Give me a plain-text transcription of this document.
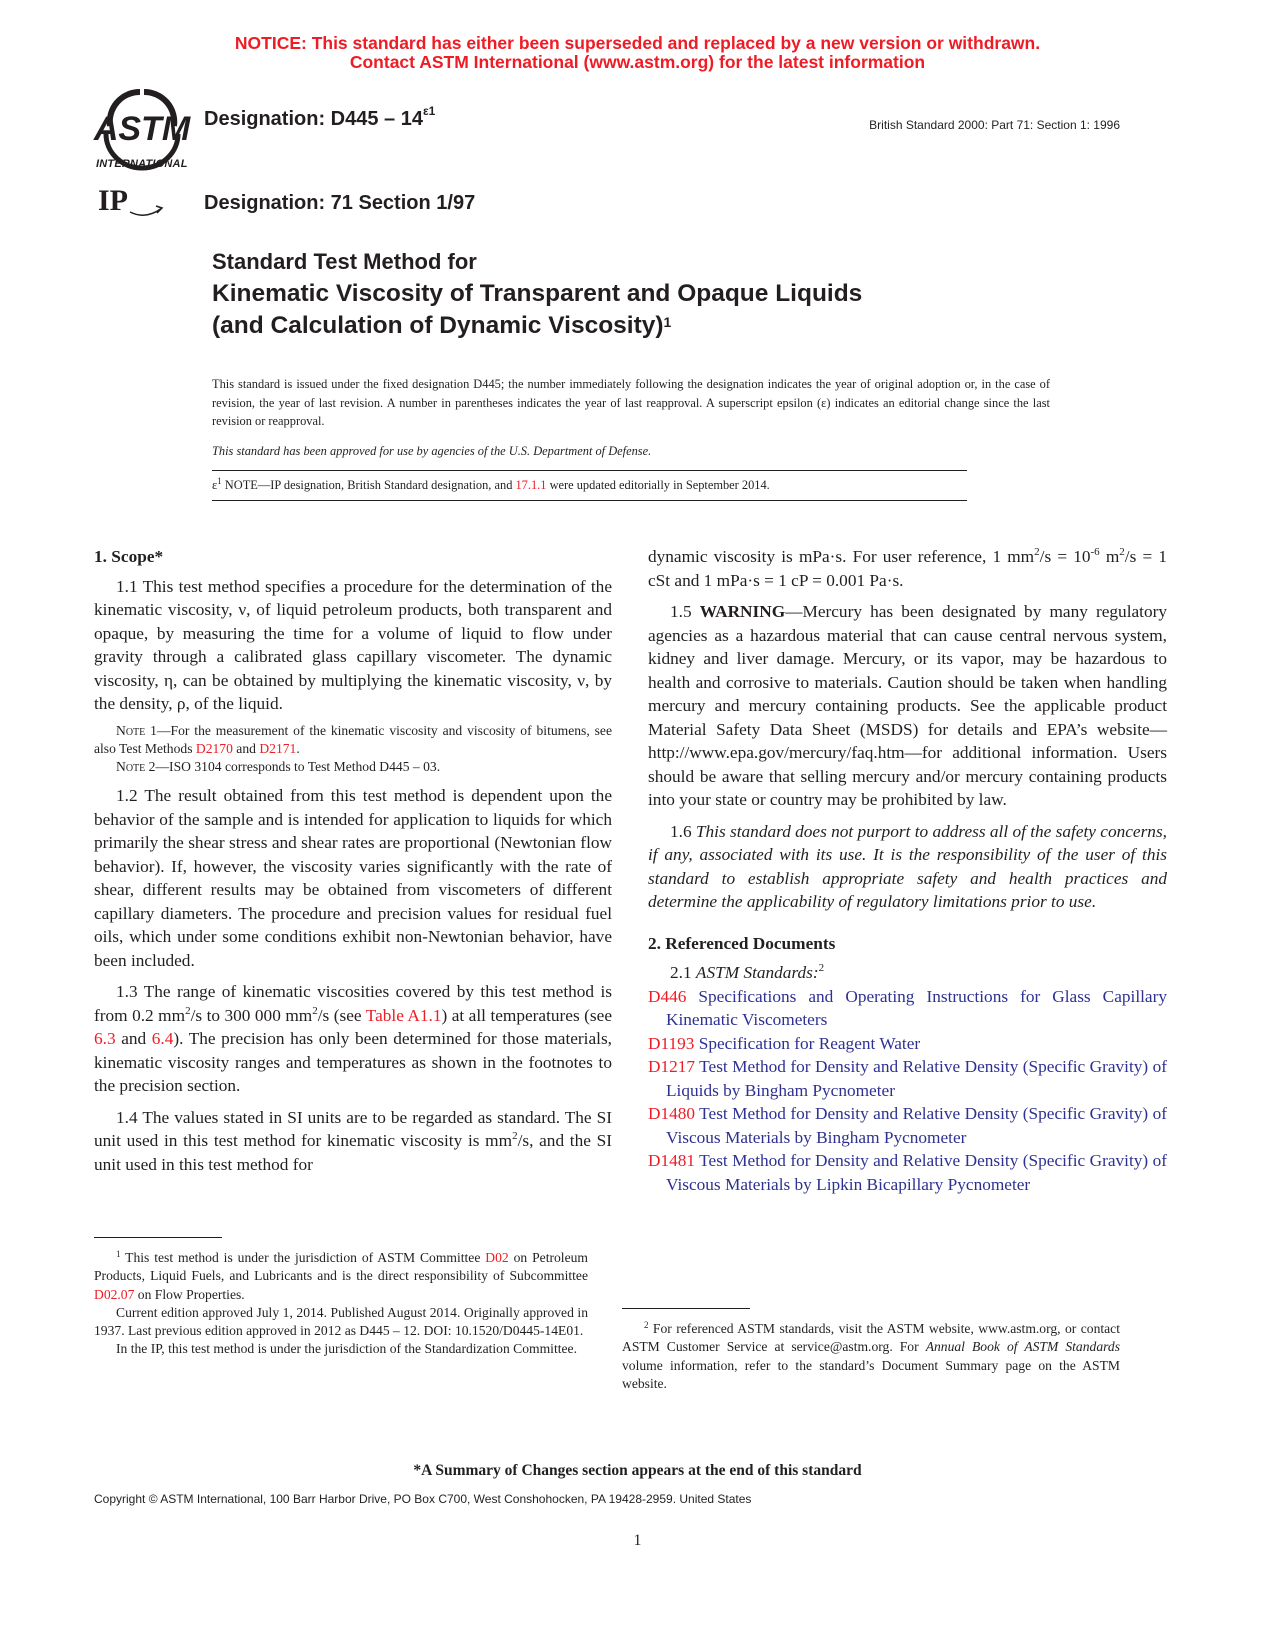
NOTICE: This standard has either been superseded and replaced by a new version or withdrawn.
Contact ASTM International (www.astm.org) for the latest information
ASTM
INTERNATIONAL
IP
Designation: $D445 - 14^{\varepsilon 1}$
British Standard 2000: Part 71: Section 1: 1996
Designation: 71 Section 1/97
Standard Test Method for
Kinematic Viscosity of Transparent and Opaque Liquids
(and Calculation of Dynamic Viscosity)$^1$
This standard is issued under the fixed designation D445; the number immediately following the designation indicates the year of original adoption or, in the case of revision, the year of last revision. A number in parentheses indicates the year of last reapproval. A superscript epsilon (ε) indicates an editorial change since the last revision or reapproval.
This standard has been approved for use by agencies of the U.S. Department of Defense.
$\varepsilon^1$ NOTE—IP designation, British Standard designation, and 17.1.1 were updated editorially in September 2014.

1. Scope*

1.1 This test method specifies a procedure for the determination of the kinematic viscosity, ν, of liquid petroleum products, both transparent and opaque, by measuring the time for a volume of liquid to flow under gravity through a calibrated glass capillary viscometer. The dynamic viscosity, η, can be obtained by multiplying the kinematic viscosity, ν, by the density, ρ, of the liquid.

Note 1—For the measurement of the kinematic viscosity and viscosity of bitumens, see also Test Methods D2170 and D2171.

Note 2—ISO 3104 corresponds to Test Method D445 – 03.

1.2 The result obtained from this test method is dependent upon the behavior of the sample and is intended for application to liquids for which primarily the shear stress and shear rates are proportional (Newtonian flow behavior). If, however, the viscosity varies significantly with the rate of shear, different results may be obtained from viscometers of different capillary diameters. The procedure and precision values for residual fuel oils, which under some conditions exhibit non-Newtonian behavior, have been included.

1.3 The range of kinematic viscosities covered by this test method is from 0.2 $mm^2/s$ to 300 000 $mm^2/s$ (see Table A1.1) at all temperatures (see 6.3 and 6.4). The precision has only been determined for those materials, kinematic viscosity ranges and temperatures as shown in the footnotes to the precision section.

1.4 The values stated in SI units are to be regarded as standard. The SI unit used in this test method for kinematic viscosity is $mm^2/s$, and the SI unit used in this test method for

$^1$ This test method is under the jurisdiction of ASTM Committee D02 on Petroleum Products, Liquid Fuels, and Lubricants and is the direct responsibility of Subcommittee D02.07 on Flow Properties.

Current edition approved July 1, 2014. Published August 2014. Originally approved in 1937. Last previous edition approved in 2012 as D445 – 12. DOI: 10.1520/D0445-14E01.

In the IP, this test method is under the jurisdiction of the Standardization Committee.

dynamic viscosity is mPa·s. For user reference, 1 $mm^2/s = 10^{-6}$ $m^2/s = 1$ cSt and 1 mPa·s = 1 cP = 0.001 Pa·s.

1.5 WARNING—Mercury has been designated by many regulatory agencies as a hazardous material that can cause central nervous system, kidney and liver damage. Mercury, or its vapor, may be hazardous to health and corrosive to materials. Caution should be taken when handling mercury and mercury containing products. See the applicable product Material Safety Data Sheet (MSDS) for details and EPA’s website—http://www.epa.gov/mercury/faq.htm—for additional information. Users should be aware that selling mercury and/or mercury containing products into your state or country may be prohibited by law.

1.6 This standard does not purport to address all of the safety concerns, if any, associated with its use. It is the responsibility of the user of this standard to establish appropriate safety and health practices and determine the applicability of regulatory limitations prior to use.

2. Referenced Documents

2.1 ASTM Standards:$^2$

D446 Specifications and Operating Instructions for Glass Capillary Kinematic Viscometers

D1193 Specification for Reagent Water

D1217 Test Method for Density and Relative Density (Specific Gravity) of Liquids by Bingham Pycnometer

D1480 Test Method for Density and Relative Density (Specific Gravity) of Viscous Materials by Bingham Pycnometer

D1481 Test Method for Density and Relative Density (Specific Gravity) of Viscous Materials by Lipkin Bicapillary Pycnometer

$^2$ For referenced ASTM standards, visit the ASTM website, www.astm.org, or contact ASTM Customer Service at service@astm.org. For Annual Book of ASTM Standards volume information, refer to the standard’s Document Summary page on the ASTM website.

*A Summary of Changes section appears at the end of this standard
Copyright © ASTM International, 100 Barr Harbor Drive, PO Box C700, West Conshohocken, PA 19428-2959. United States
1
